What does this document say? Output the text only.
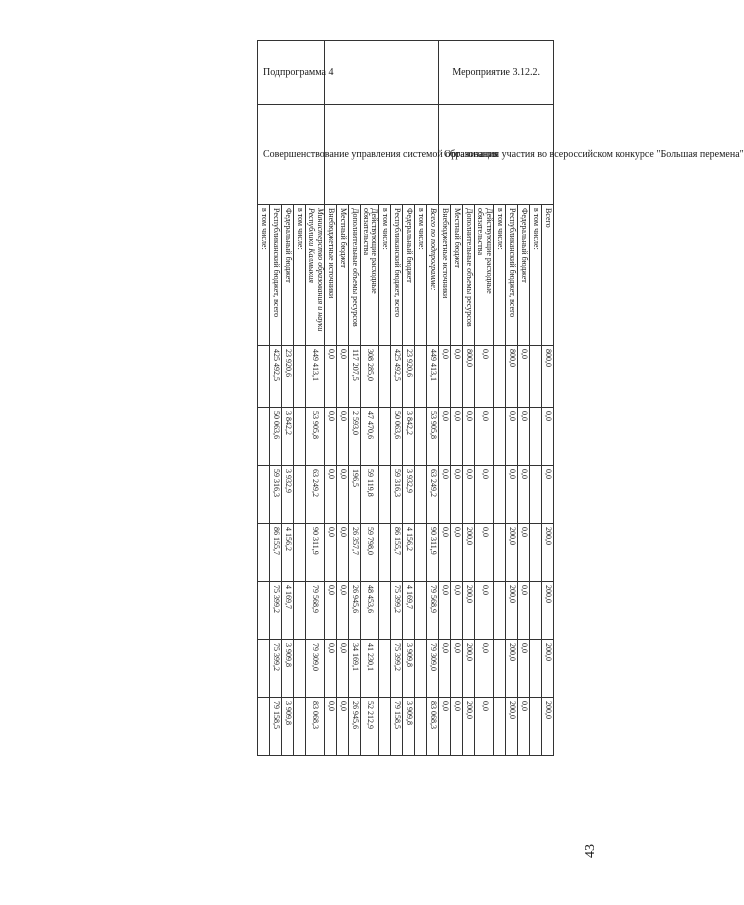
Мероприятие 3.12.2.	Организация участия во всероссийском конкурсе "Большая перемена"	Всего	800,0	0,0	0,0	200,0	200,0	200,0	200,0
		в том числе:							
		Федеральный бюджет	0,0	0,0	0,0	0,0	0,0	0,0	0,0
		Республиканский бюджет, всего	800,0	0,0	0,0	200,0	200,0	200,0	200,0
		в том числе:							
		Действующие расходные обязательства	0,0	0,0	0,0	0,0	0,0	0,0	0,0
		Дополнительные объемы ресурсов	800,0	0,0	0,0	200,0	200,0	200,0	200,0
		Местный бюджет	0,0	0,0	0,0	0,0	0,0	0,0	0,0
		Внебюджетные источники	0,0	0,0	0,0	0,0	0,0	0,0	0,0

	Всего по подпрограмме:	449 413,1	53 905,8	63 249,2	90 311,9	79 568,9	79 309,0	83 068,3
		в том числе:							
		Федеральный бюджет	23 920,6	3 842,2	3 932,9	4 156,2	4 169,7	3 909,8	3 909,8
		Республиканский бюджет, всего	425 492,5	50 063,6	59 316,3	86 155,7	75 399,2	75 399,2	79 158,5
		в том числе:							
		Действующие расходные обязательства	308 285,0	47 470,6	59 119,8	59 798,0	48 453,6	41 230,1	52 212,9
		Дополнительные объемы ресурсов	117 207,5	2 593,0	196,5	26 357,7	26 945,6	34 169,1	26 945,6
		Местный бюджет	0,0	0,0	0,0	0,0	0,0	0,0	0,0
		Внебюджетные источники	0,0	0,0	0,0	0,0	0,0	0,0	0,0

Подпрограмма 4	Совершенствование управления системой образования	Министерство образования и науки Республики Калмыкия	449 413,1	53 905,8	63 249,2	90 311,9	79 568,9	79 309,0	83 068,3
		в том числе:							
		Федеральный бюджет	23 920,6	3 842,2	3 932,9	4 156,2	4 169,7	3 909,8	3 909,8
		Республиканский бюджет, всего	425 492,5	50 063,6	59 316,3	86 155,7	75 399,2	75 399,2	79 158,5
		в том числе:							
43
